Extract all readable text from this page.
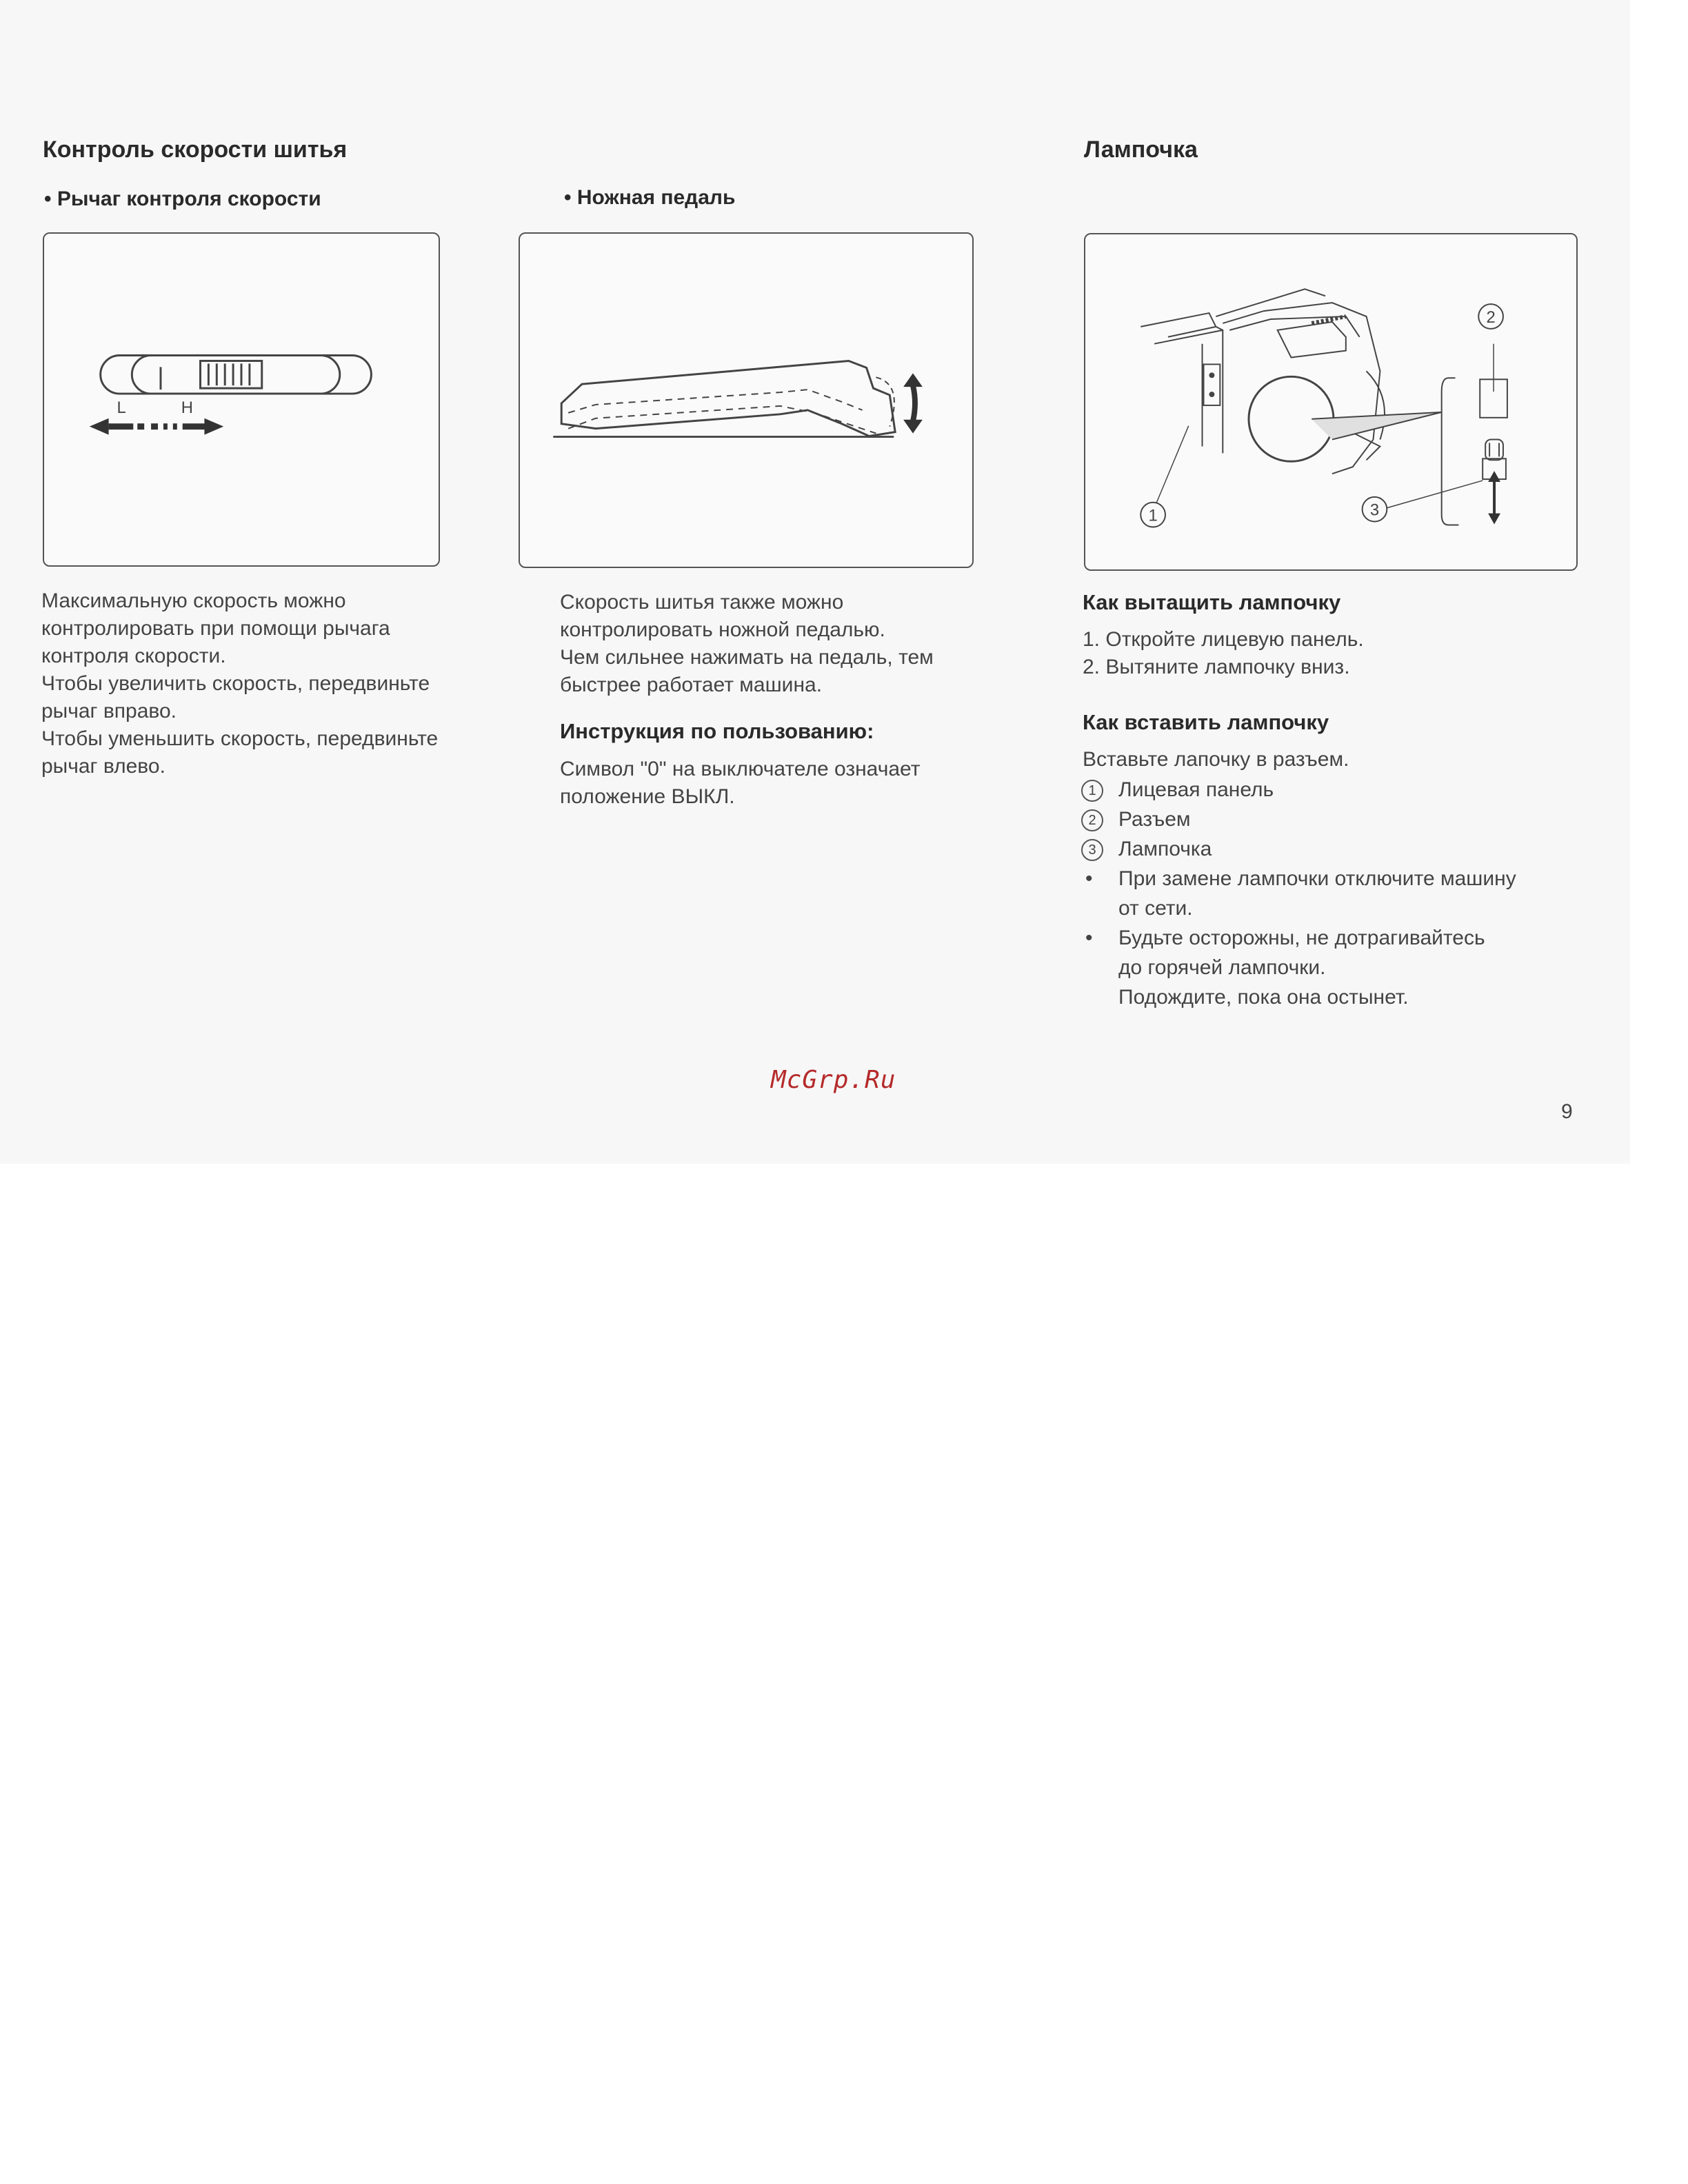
Контроль скорости шитья
• Рычаг контроля скорости
L	H

Максимальную скорость можно

контролировать при помощи рычага

контроля скорости.

Чтобы увеличить скорость, передвиньте

рычаг вправо.

Чтобы уменьшить скорость, передвиньте

рычаг влево.

• Ножная педаль

Скорость шитья также можно

контролировать ножной педалью.

Чем сильнее нажимать на педаль, тем

быстрее работает машина.

Инструкция по пользованию:

Символ "0" на выключателе означает

положение ВЫКЛ.

Лампочка
1
2
3
Как вытащить лампочку

1. Откройте лицевую панель.

2. Вытяните лампочку вниз.

Как вставить лампочку
Вставьте лапочку в разъем.
1	Лицевая панель
2	Разъем
3	Лампочка
•	При замене лампочки отключите машину
от сети.
•	Будьте осторожны, не дотрагивайтесь
до горячей лампочки.
Подождите, пока она остынет.
McGrp.Ru
9
